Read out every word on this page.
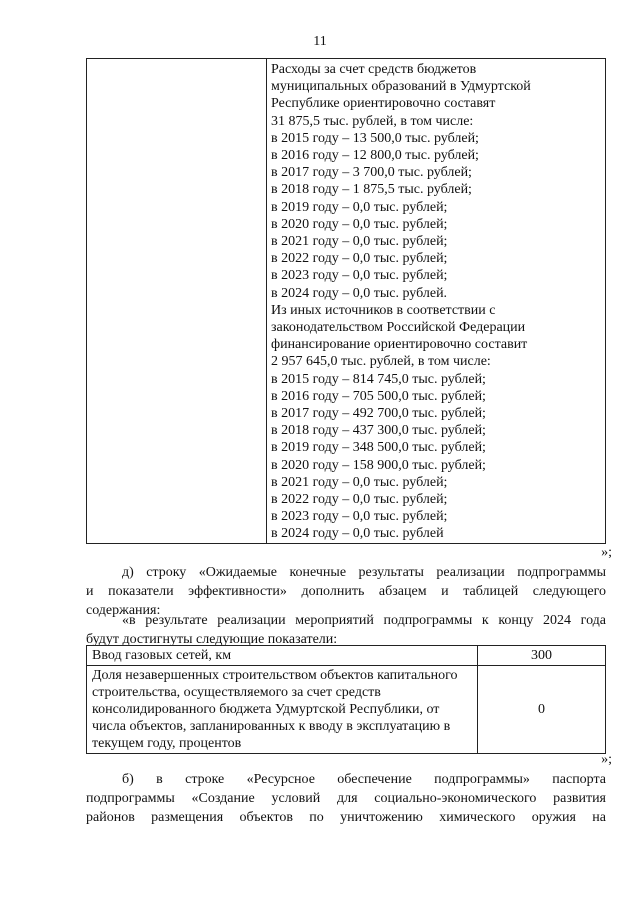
11
Расходы за счет средств бюджетов
муниципальных образований в Удмуртской
Республике ориентировочно составят
31 875,5 тыс. рублей, в том числе:
в 2015 году – 13 500,0 тыс. рублей;
в 2016 году – 12 800,0 тыс. рублей;
в 2017 году – 3 700,0 тыс. рублей;
в 2018 году – 1 875,5 тыс. рублей;
в 2019 году – 0,0 тыс. рублей;
в 2020 году – 0,0 тыс. рублей;
в 2021 году – 0,0 тыс. рублей;
в 2022 году – 0,0 тыс. рублей;
в 2023 году – 0,0 тыс. рублей;
в 2024 году – 0,0 тыс. рублей.
Из иных источников в соответствии с
законодательством Российской Федерации
финансирование ориентировочно составит
2 957 645,0 тыс. рублей, в том числе:
в 2015 году – 814 745,0 тыс. рублей;
в 2016 году – 705 500,0 тыс. рублей;
в 2017 году – 492 700,0 тыс. рублей;
в 2018 году – 437 300,0 тыс. рублей;
в 2019 году – 348 500,0 тыс. рублей;
в 2020 году – 158 900,0 тыс. рублей;
в 2021 году – 0,0 тыс. рублей;
в 2022 году – 0,0 тыс. рублей;
в 2023 году – 0,0 тыс. рублей;
в 2024 году – 0,0 тыс. рублей
»;
д) строку «Ожидаемые конечные результаты реализации подпрограммы
и показатели эффективности» дополнить абзацем и таблицей следующего
содержания:
«в результате реализации мероприятий подпрограммы к концу 2024 года
будут достигнуты следующие показатели:
Ввод газовых сетей, км	300
Доля незавершенных строительством объектов капитального строительства, осуществляемого за счет средств консолидированного бюджета Удмуртской Республики, от числа объектов, запланированных к вводу в эксплуатацию в текущем году, процентов	0
»;
б) в строке «Ресурсное обеспечение подпрограммы» паспорта
подпрограммы «Создание условий для социально-экономического развития
районов размещения объектов по уничтожению химического оружия на
